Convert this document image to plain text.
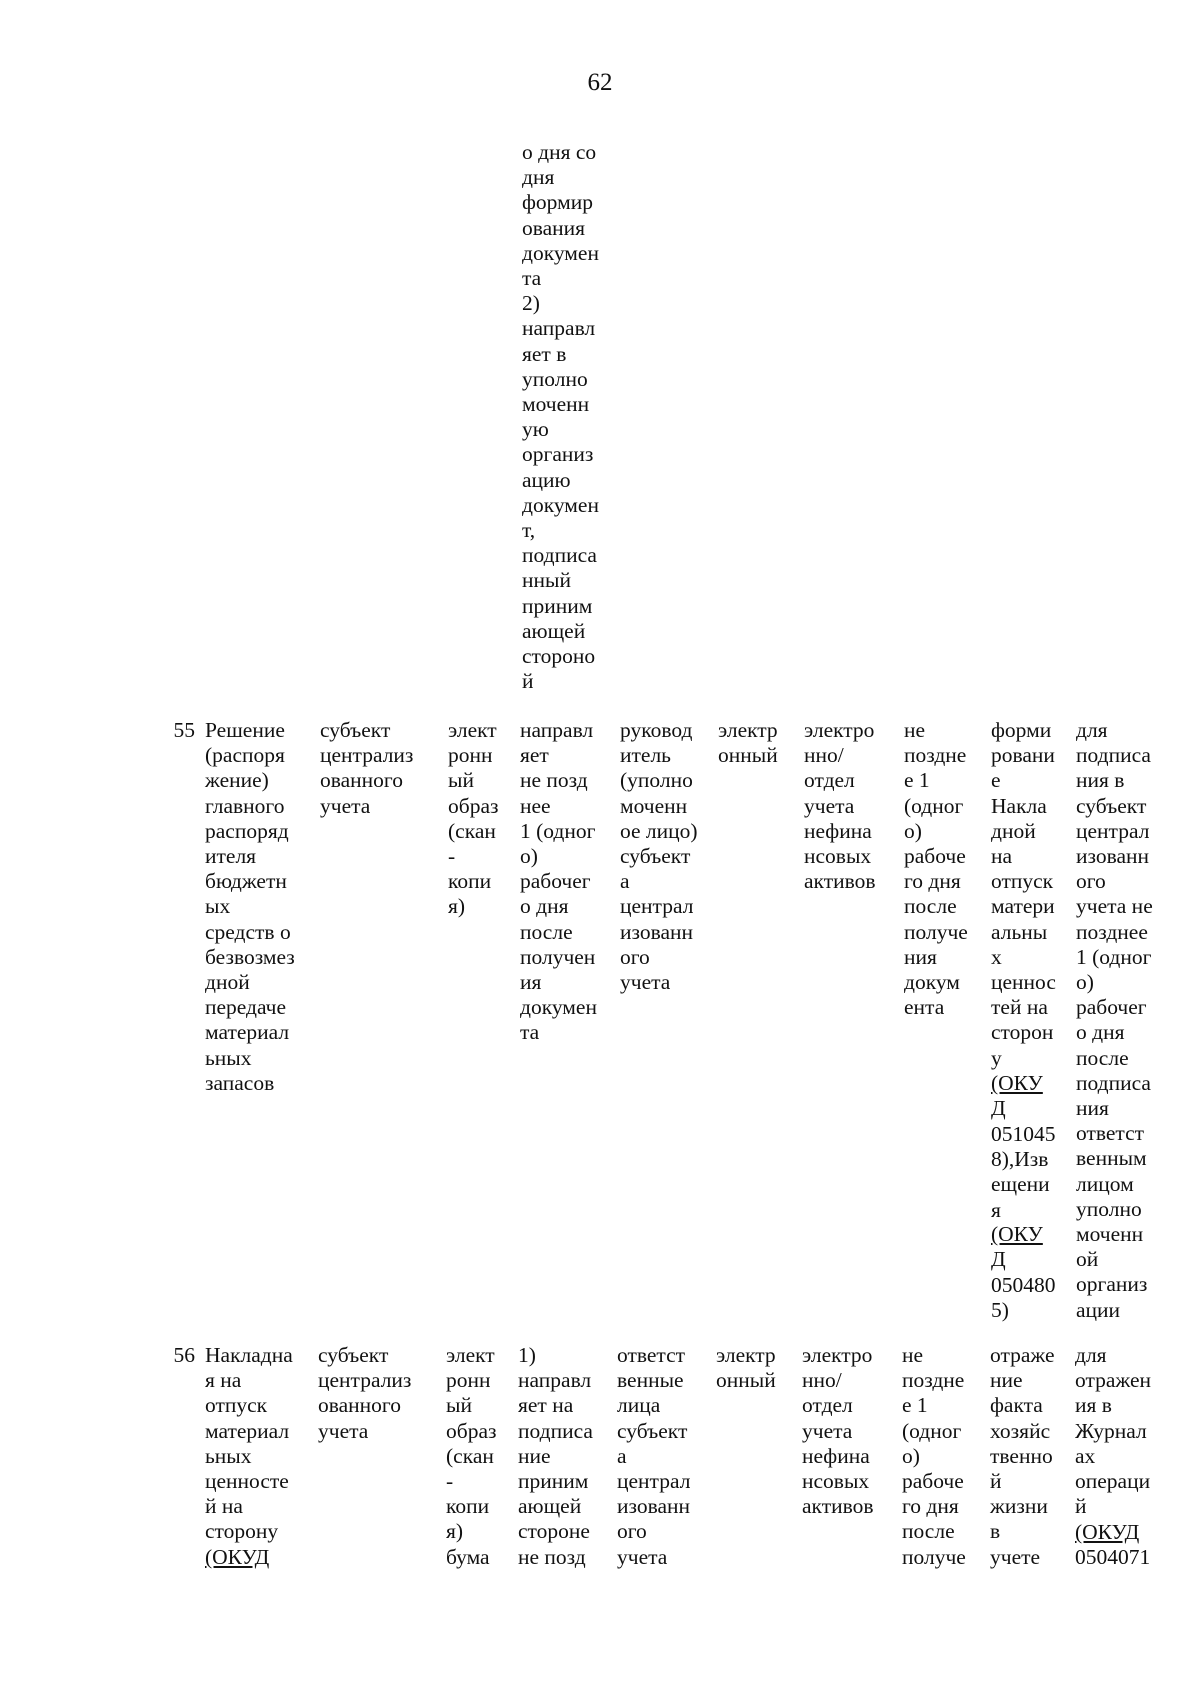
62
о дня со
дня
формир
ования
докумен
та
2)
направл
яет в
уполно
моченн
ую
организ
ацию
докумен
т,
подписа
нный
приним
ающей
стороно
й
55 Решение
(распоря
жение)
главного
распоряд
ителя
бюджетн
ых
средств о
безвозмез
дной
передаче
материал
ьных
запасов
субъект
централиз
ованного
учета
элект
ронн
ый
образ
(скан
-
копи
я)
направл
яет
не позд
нее
1 (одног
о)
рабочег
о дня
после
получен
ия
докумен
та
руковод
итель
(уполно
моченн
ое лицо)
субъект
а
централ
изованн
ого
учета
электр
онный
электро
нно/
отдел
учета
нефина
нсовых
активов
не
поздне
е 1
(одног
о)
рабоче
го дня
после
получе
ния
докум
ента
форми
ровани
е
Накла
дной
на
отпуск
матери
альны
х
ценнос
тей на
сторон
у
(ОКУ
Д
051045
8),Изв
ещени
я
(ОКУ
Д
050480
5)
для
подписа
ния в
субъект
централ
изованн
ого
учета не
позднее
1 (одног
о)
рабочег
о дня
после
подписа
ния
ответст
венным
лицом
уполно
моченн
ой
организ
ации
56 Накладна
я на
отпуск
материал
ьных
ценносте
й на
сторону
(ОКУД
субъект
централиз
ованного
учета
элект
ронн
ый
образ
(скан
-
копи
я)
бума
1)
направл
яет на
подписа
ние
приним
ающей
стороне
не позд
ответст
венные
лица
субъект
а
централ
изованн
ого
учета
электр
онный
электро
нно/
отдел
учета
нефина
нсовых
активов
не
поздне
е 1
(одног
о)
рабоче
го дня
после
получе
отраже
ние
факта
хозяйс
твенно
й
жизни
в
учете
для
отражен
ия в
Журнал
ах
операци
й
(ОКУД
0504071
